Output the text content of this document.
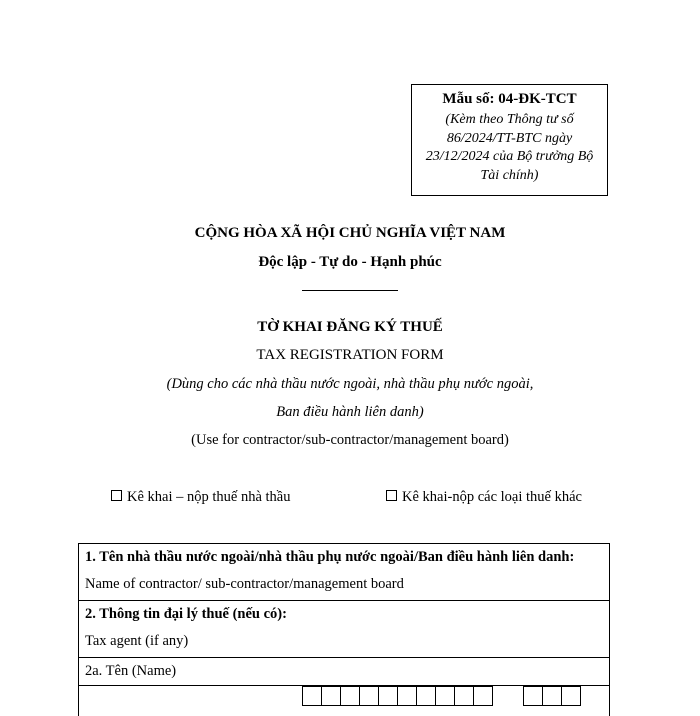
Mẫu số: 04-ĐK-TCT
(Kèm theo Thông tư số 86/2024/TT-BTC ngày 23/12/2024 của Bộ trưởng Bộ Tài chính)
CỘNG HÒA XÃ HỘI CHỦ NGHĨA VIỆT NAM
Độc lập - Tự do - Hạnh phúc
TỜ KHAI ĐĂNG KÝ THUẾ
TAX REGISTRATION FORM
(Dùng cho các nhà thầu nước ngoài, nhà thầu phụ nước ngoài,
Ban điều hành liên danh)
(Use for contractor/sub-contractor/management board)
Kê khai – nộp thuế nhà thầu	Kê khai-nộp các loại thuế khác
1. Tên nhà thầu nước ngoài/nhà thầu phụ nước ngoài/Ban điều hành liên danh:
Name of contractor/ sub-contractor/management board
2. Thông tin đại lý thuế (nếu có):
Tax agent (if any)
2a. Tên (Name)
